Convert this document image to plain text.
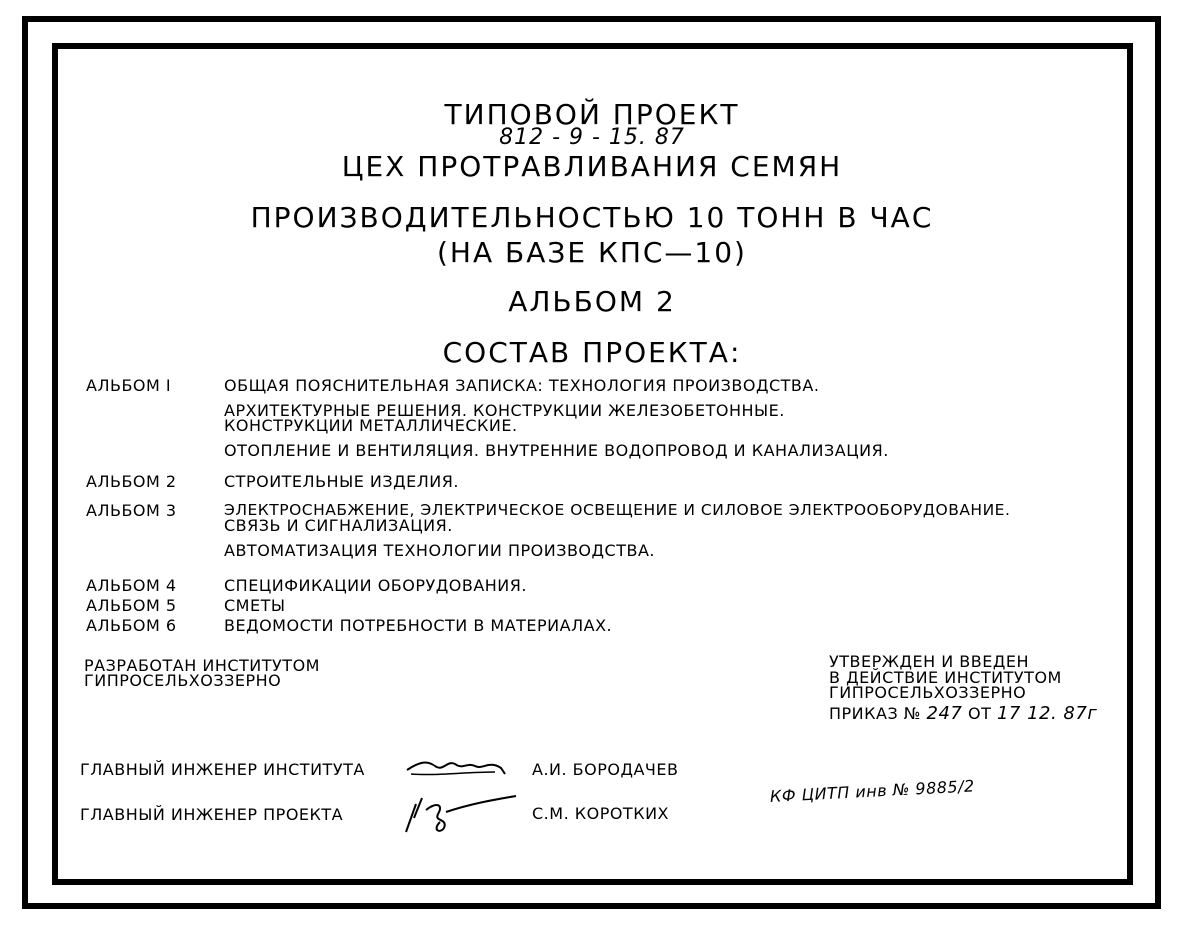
ТИПОВОЙ ПРОЕКТ
812 - 9 - 15. 87
ЦЕХ ПРОТРАВЛИВАНИЯ СЕМЯН
ПРОИЗВОДИТЕЛЬНОСТЬЮ 10 ТОНН В ЧАС
(НА БАЗЕ КПС—10)
АЛЬБОМ 2
СОСТАВ ПРОЕКТА:
АЛЬБОМ I	ОБЩАЯ ПОЯСНИТЕЛЬНАЯ ЗАПИСКА: ТЕХНОЛОГИЯ ПРОИЗВОДСТВА.
АРХИТЕКТУРНЫЕ РЕШЕНИЯ. КОНСТРУКЦИИ ЖЕЛЕЗОБЕТОННЫЕ.
КОНСТРУКЦИИ МЕТАЛЛИЧЕСКИЕ.
ОТОПЛЕНИЕ И ВЕНТИЛЯЦИЯ. ВНУТРЕННИЕ ВОДОПРОВОД И КАНАЛИЗАЦИЯ.
АЛЬБОМ 2	СТРОИТЕЛЬНЫЕ ИЗДЕЛИЯ.
АЛЬБОМ 3	ЭЛЕКТРОСНАБЖЕНИЕ, ЭЛЕКТРИЧЕСКОЕ ОСВЕЩЕНИЕ И СИЛОВОЕ ЭЛЕКТРООБОРУДОВАНИЕ.
СВЯЗЬ И СИГНАЛИЗАЦИЯ.
АВТОМАТИЗАЦИЯ ТЕХНОЛОГИИ ПРОИЗВОДСТВА.
АЛЬБОМ 4	СПЕЦИФИКАЦИИ ОБОРУДОВАНИЯ.
АЛЬБОМ 5	СМЕТЫ
АЛЬБОМ 6	ВЕДОМОСТИ ПОТРЕБНОСТИ В МАТЕРИАЛАХ.
РАЗРАБОТАН ИНСТИТУТОМ
ГИПРОСЕЛЬХОЗЗЕРНО
УТВЕРЖДЕН И ВВЕДЕН
В ДЕЙСТВИЕ ИНСТИТУТОМ
ГИПРОСЕЛЬХОЗЗЕРНО
ПРИКАЗ № 247 ОТ 17 12. 87г
ГЛАВНЫЙ ИНЖЕНЕР ИНСТИТУТА	А.И. БОРОДАЧЕВ
ГЛАВНЫЙ ИНЖЕНЕР ПРОЕКТА	С.М. КОРОТКИХ
КФ ЦИТП инв № 9885/2
